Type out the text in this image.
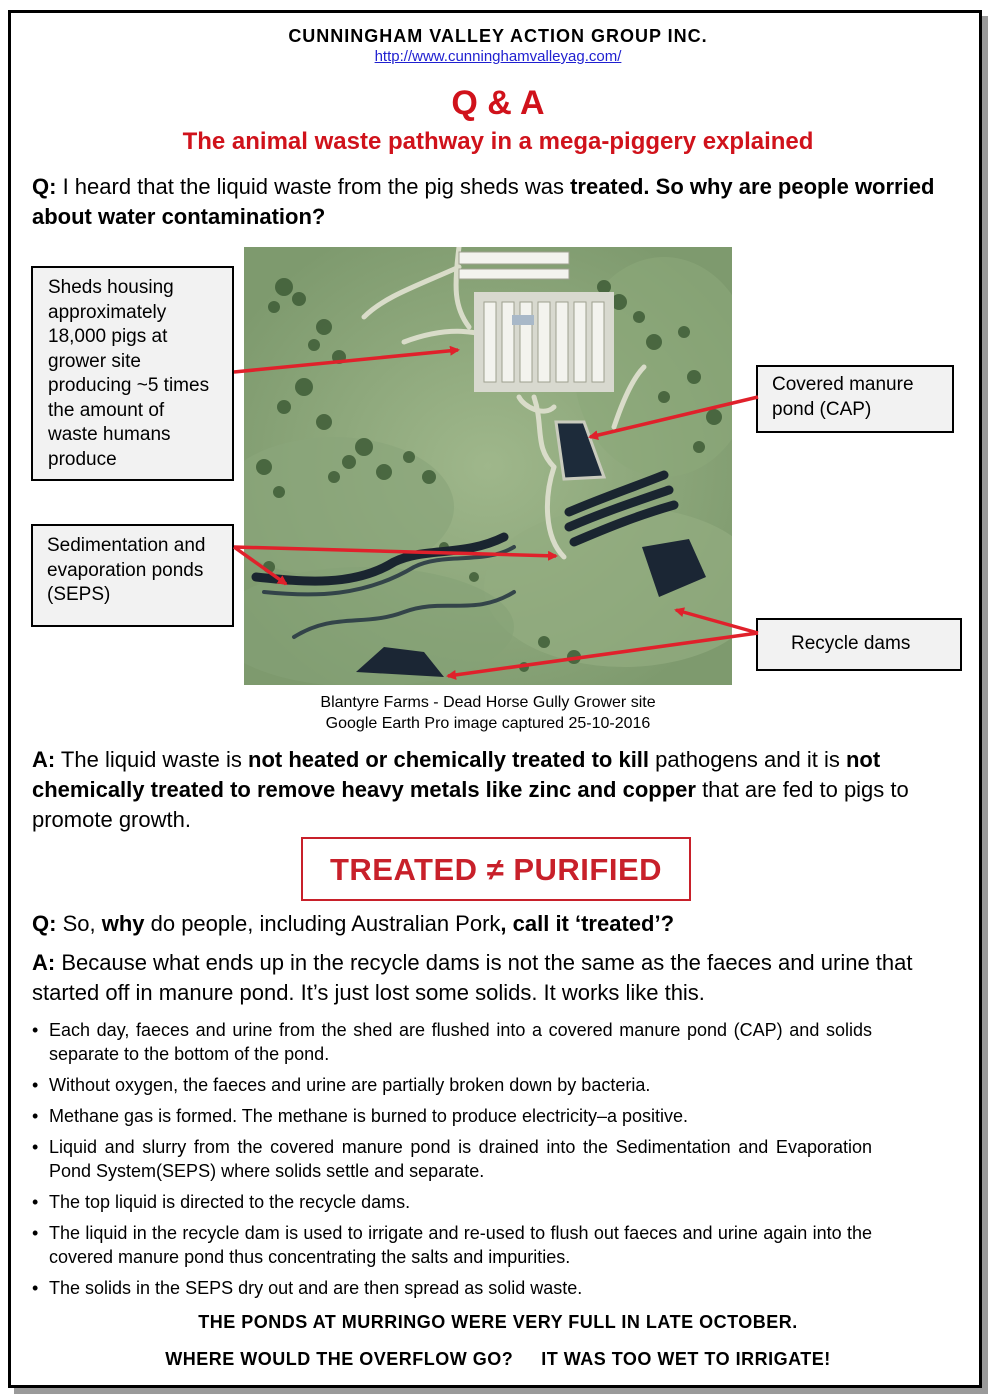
CUNNINGHAM VALLEY ACTION GROUP INC.
http://www.cunninghamvalleyag.com/
Q & A
The animal waste pathway in a mega-piggery explained
Q: I heard that the liquid waste from the pig sheds was treated. So why are people worried about water contamination?
Sheds housing approximately 18,000 pigs at grower site producing ~5 times the amount of waste humans produce
Covered manure pond (CAP)
Sedimentation and evaporation ponds (SEPS)
Recycle dams
Blantyre Farms - Dead Horse Gully Grower site
Google Earth Pro image captured 25-10-2016
A: The liquid waste is not heated or chemically treated to kill pathogens and it is not chemically treated to remove heavy metals like zinc and copper that are fed to pigs to promote growth.
TREATED ≠ PURIFIED
Q: So, why do people, including Australian Pork, call it ‘treated’?
A: Because what ends up in the recycle dams is not the same as the faeces and urine that started off in manure pond. It’s just lost some solids. It works like this.
• Each day, faeces and urine from the shed are flushed into a covered manure pond (CAP) and solids separate to the bottom of the pond.
• Without oxygen, the faeces and urine are partially broken down by bacteria.
• Methane gas is formed. The methane is burned to produce electricity–a positive.
• Liquid and slurry from the covered manure pond is drained into the Sedimentation and Evaporation Pond System(SEPS) where solids settle and separate.
• The top liquid is directed to the recycle dams.
• The liquid in the recycle dam is used to irrigate and re-used to flush out faeces and urine again into the covered manure pond thus concentrating the salts and impurities.
• The solids in the SEPS dry out and are then spread as solid waste.
THE PONDS AT MURRINGO WERE VERY FULL IN LATE OCTOBER.
WHERE WOULD THE OVERFLOW GO? IT WAS TOO WET TO IRRIGATE!
